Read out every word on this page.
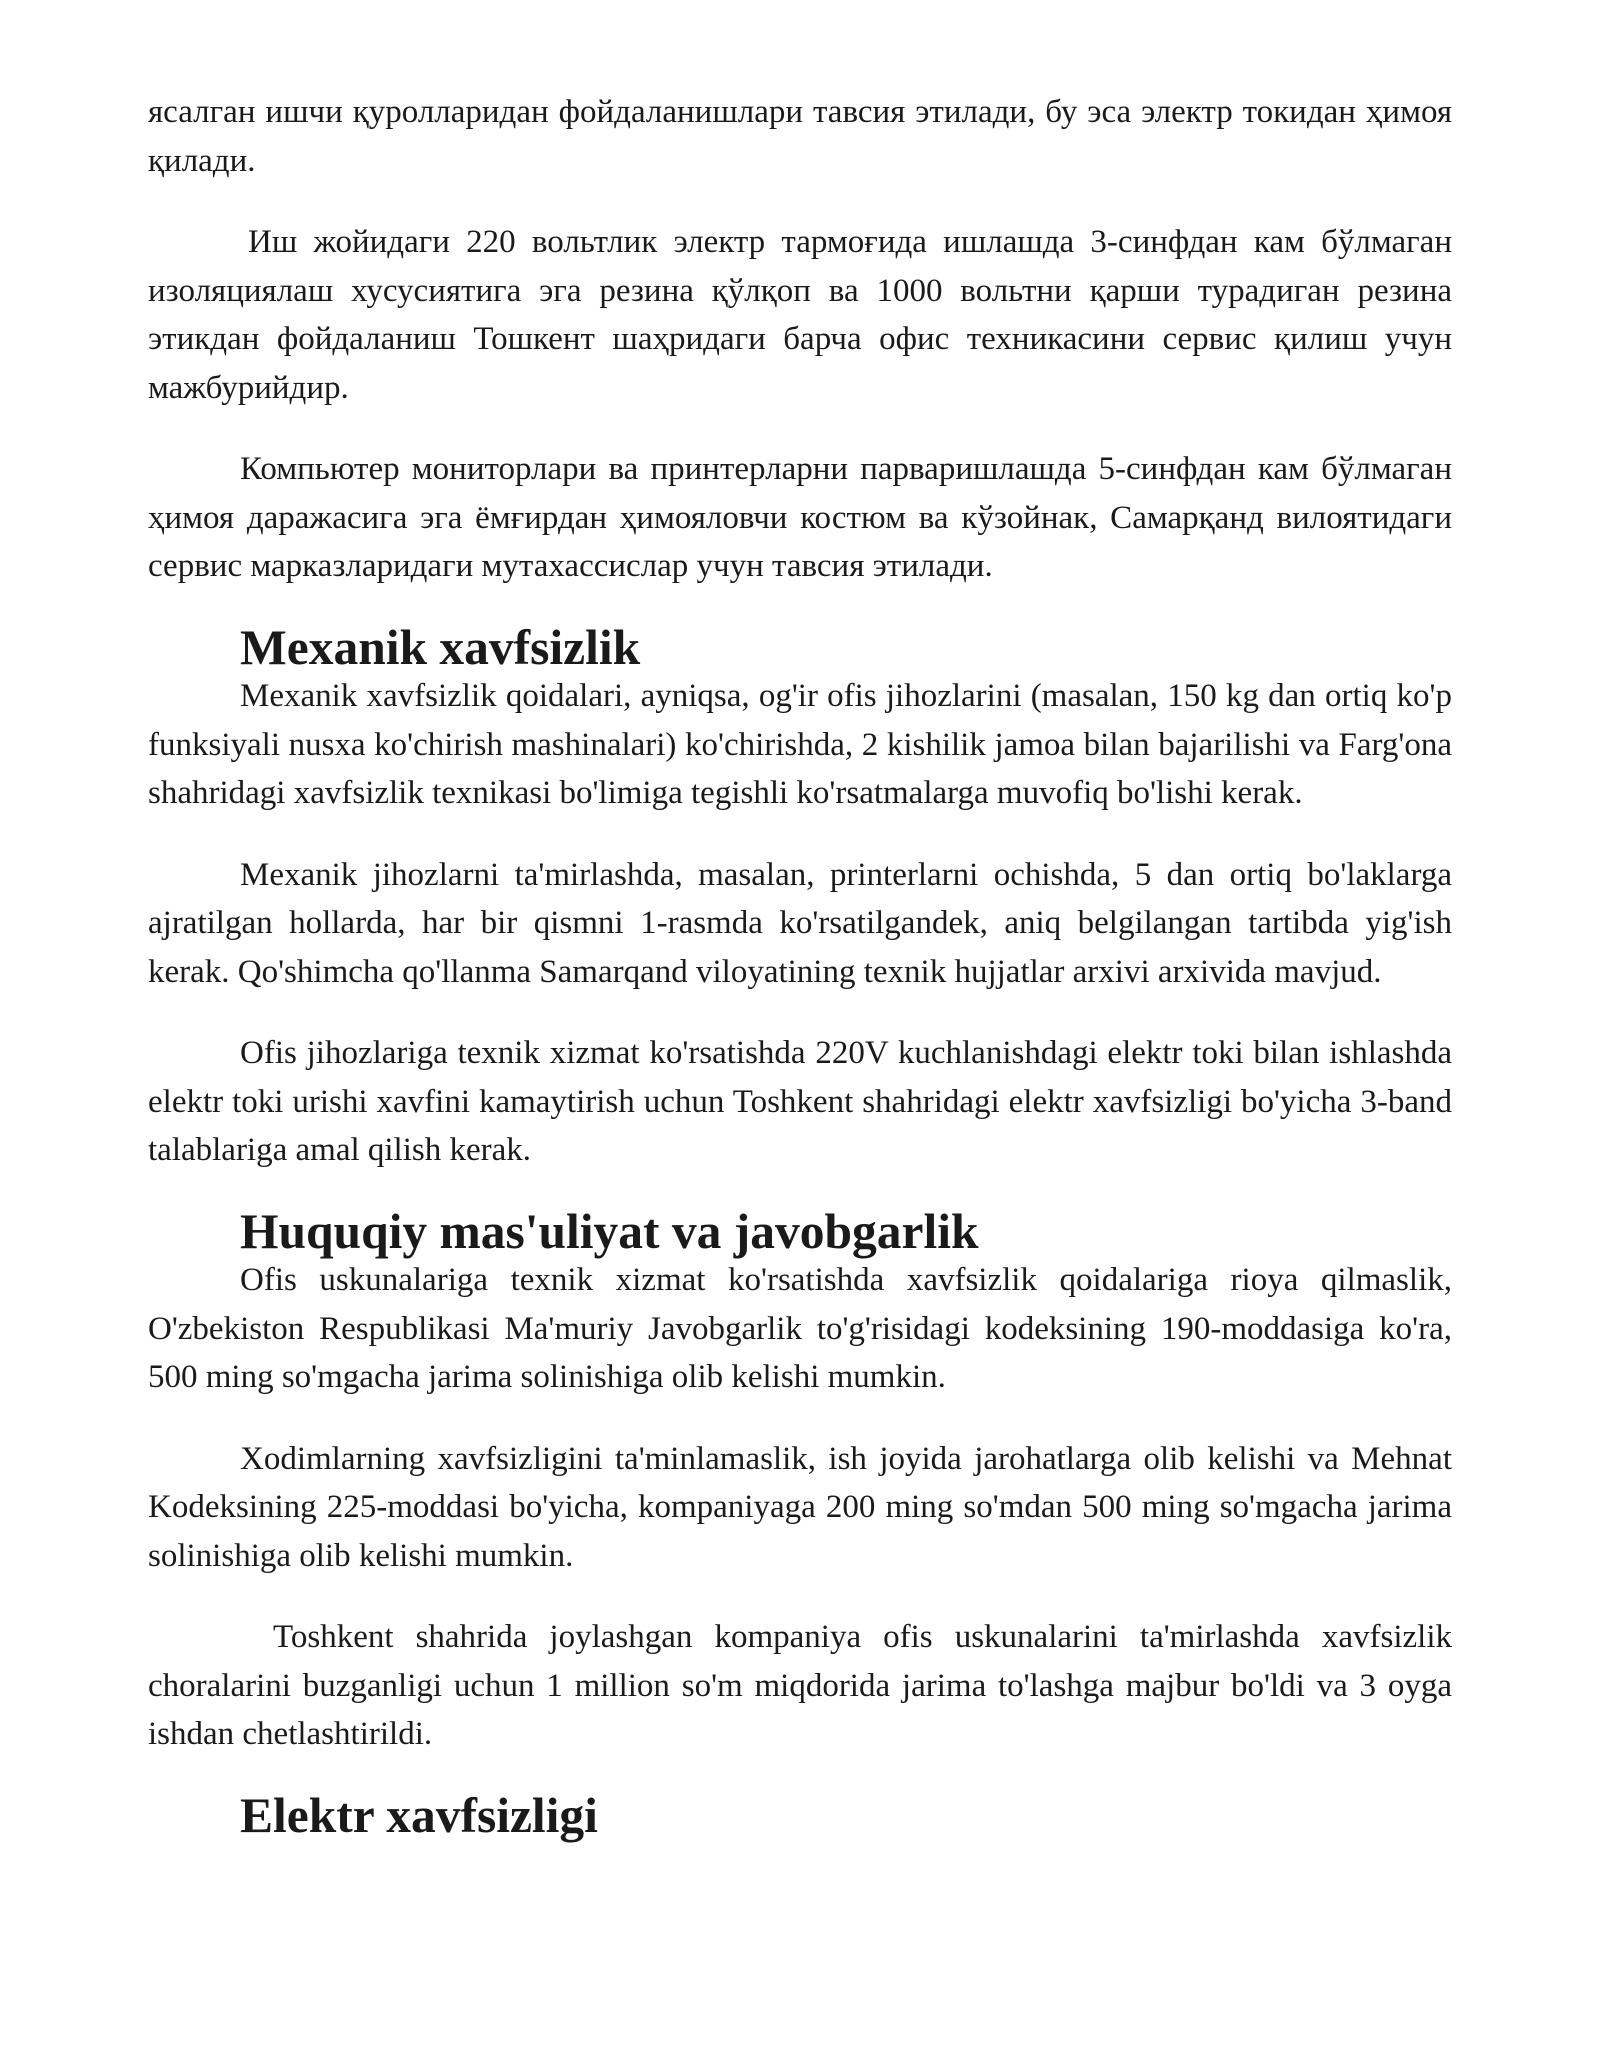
ясалган ишчи қуролларидан фойдаланишлари тавсия этилади, бу эса электр токидан ҳимоя қилади.

Иш жойидаги 220 вольтлик электр тармоғида ишлашда 3-синфдан кам бўлмаган изоляциялаш хусусиятига эга резина қўлқоп ва 1000 вольтни қарши турадиган резина этикдан фойдаланиш Тошкент шаҳридаги барча офис техникасини сервис қилиш учун мажбурийдир.

Компьютер мониторлари ва принтерларни парваришлашда 5-синфдан кам бўлмаган ҳимоя даражасига эга ёмғирдан ҳимояловчи костюм ва кўзойнак, Самарқанд вилоятидаги сервис марказларидаги мутахассислар учун тавсия этилади.

Mexanik xavfsizlik

Mexanik xavfsizlik qoidalari, ayniqsa, og'ir ofis jihozlarini (masalan, 150 kg dan ortiq ko'p funksiyali nusxa ko'chirish mashinalari) ko'chirishda, 2 kishilik jamoa bilan bajarilishi va Farg'ona shahridagi xavfsizlik texnikasi bo'limiga tegishli ko'rsatmalarga muvofiq bo'lishi kerak.

Mexanik jihozlarni ta'mirlashda, masalan, printerlarni ochishda, 5 dan ortiq bo'laklarga ajratilgan hollarda, har bir qismni 1-rasmda ko'rsatilgandek, aniq belgilangan tartibda yig'ish kerak. Qo'shimcha qo'llanma Samarqand viloyatining texnik hujjatlar arxivi arxivida mavjud.

Ofis jihozlariga texnik xizmat ko'rsatishda 220V kuchlanishdagi elektr toki bilan ishlashda elektr toki urishi xavfini kamaytirish uchun Toshkent shahridagi elektr xavfsizligi bo'yicha 3-band talablariga amal qilish kerak.

Huquqiy mas'uliyat va javobgarlik

Ofis uskunalariga texnik xizmat ko'rsatishda xavfsizlik qoidalariga rioya qilmaslik, O'zbekiston Respublikasi Ma'muriy Javobgarlik to'g'risidagi kodeksining 190-moddasiga ko'ra, 500 ming so'mgacha jarima solinishiga olib kelishi mumkin.

Xodimlarning xavfsizligini ta'minlamaslik, ish joyida jarohatlarga olib kelishi va Mehnat Kodeksining 225-moddasi bo'yicha, kompaniyaga 200 ming so'mdan 500 ming so'mgacha jarima solinishiga olib kelishi mumkin.

Toshkent shahrida joylashgan kompaniya ofis uskunalarini ta'mirlashda xavfsizlik choralarini buzganligi uchun 1 million so'm miqdorida jarima to'lashga majbur bo'ldi va 3 oyga ishdan chetlashtirildi.

Elektr xavfsizligi
